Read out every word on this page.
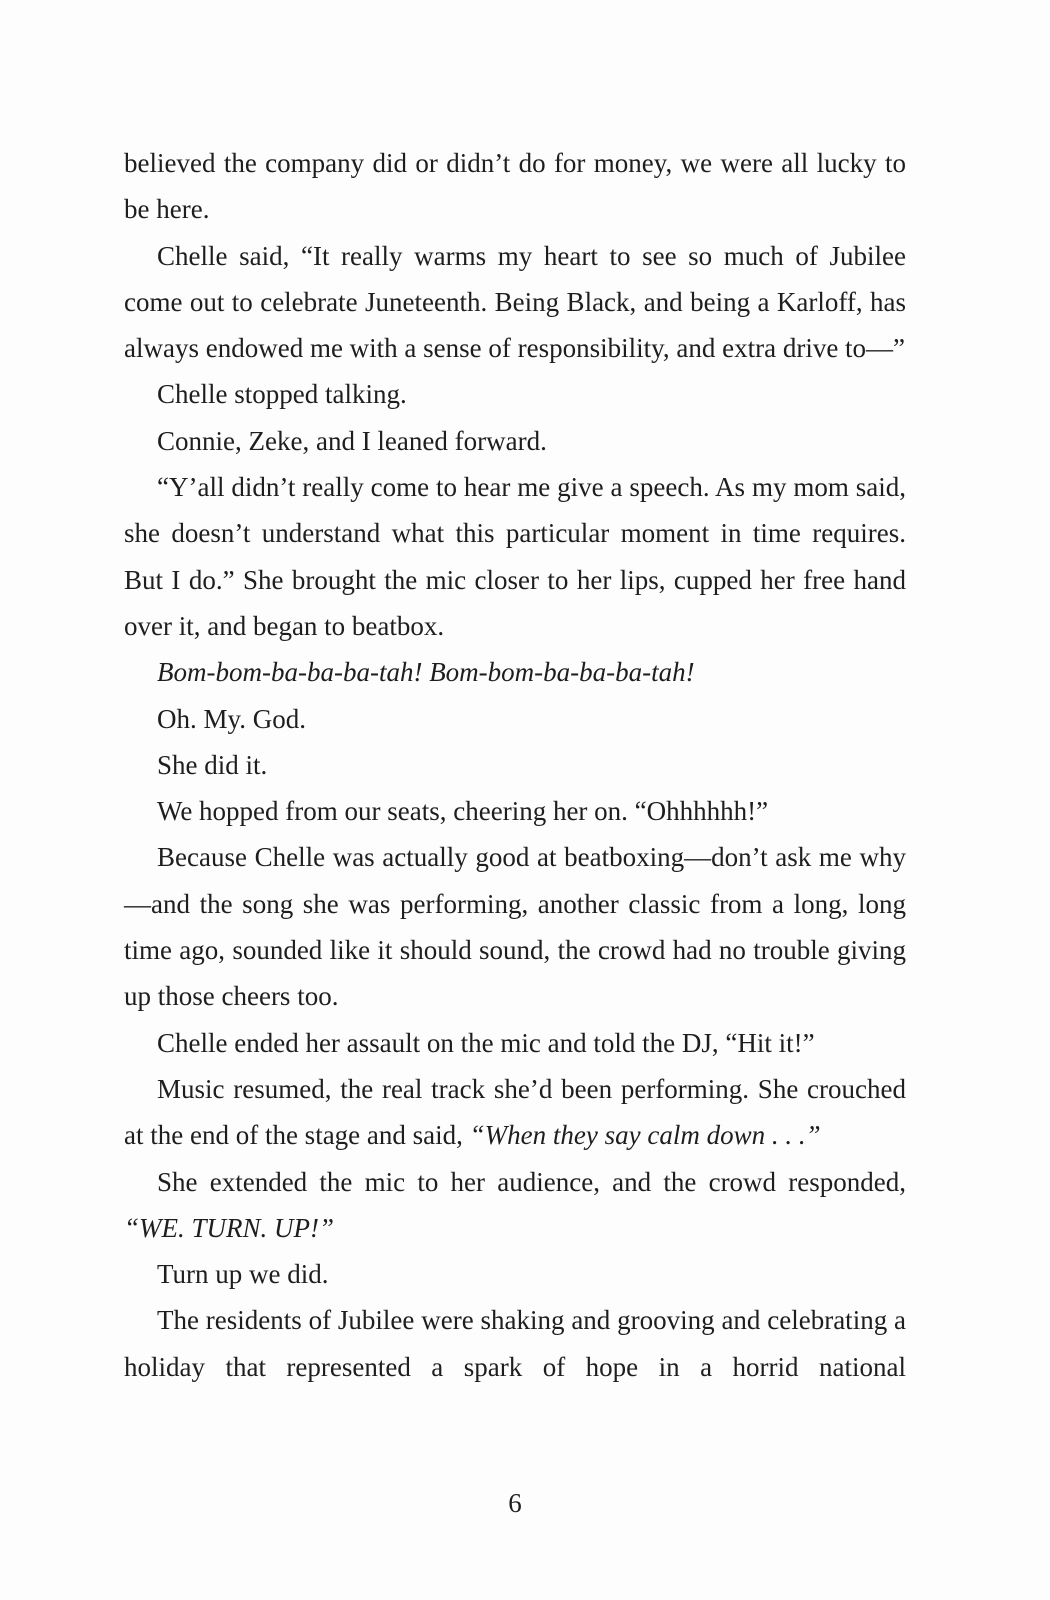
believed the company did or didn’t do for money, we were all lucky to be here.

Chelle said, “It really warms my heart to see so much of Jubilee come out to celebrate Juneteenth. Being Black, and being a Karloff, has always endowed me with a sense of responsibility, and extra drive to—”

Chelle stopped talking.

Connie, Zeke, and I leaned forward.

“Y’all didn’t really come to hear me give a speech. As my mom said, she doesn’t understand what this particular moment in time requires. But I do.” She brought the mic closer to her lips, cupped her free hand over it, and began to beatbox.

Bom-bom-ba-ba-ba-tah! Bom-bom-ba-ba-ba-tah!

Oh. My. God.

She did it.

We hopped from our seats, cheering her on. “Ohhhhhh!”

Because Chelle was actually good at beatboxing—don’t ask me why—and the song she was performing, another classic from a long, long time ago, sounded like it should sound, the crowd had no trouble giving up those cheers too.

Chelle ended her assault on the mic and told the DJ, “Hit it!”

Music resumed, the real track she’d been performing. She crouched at the end of the stage and said, “When they say calm down . . .”

She extended the mic to her audience, and the crowd responded, “WE. TURN. UP!”

Turn up we did.

The residents of Jubilee were shaking and grooving and celebrating a holiday that represented a spark of hope in a horrid national

6
